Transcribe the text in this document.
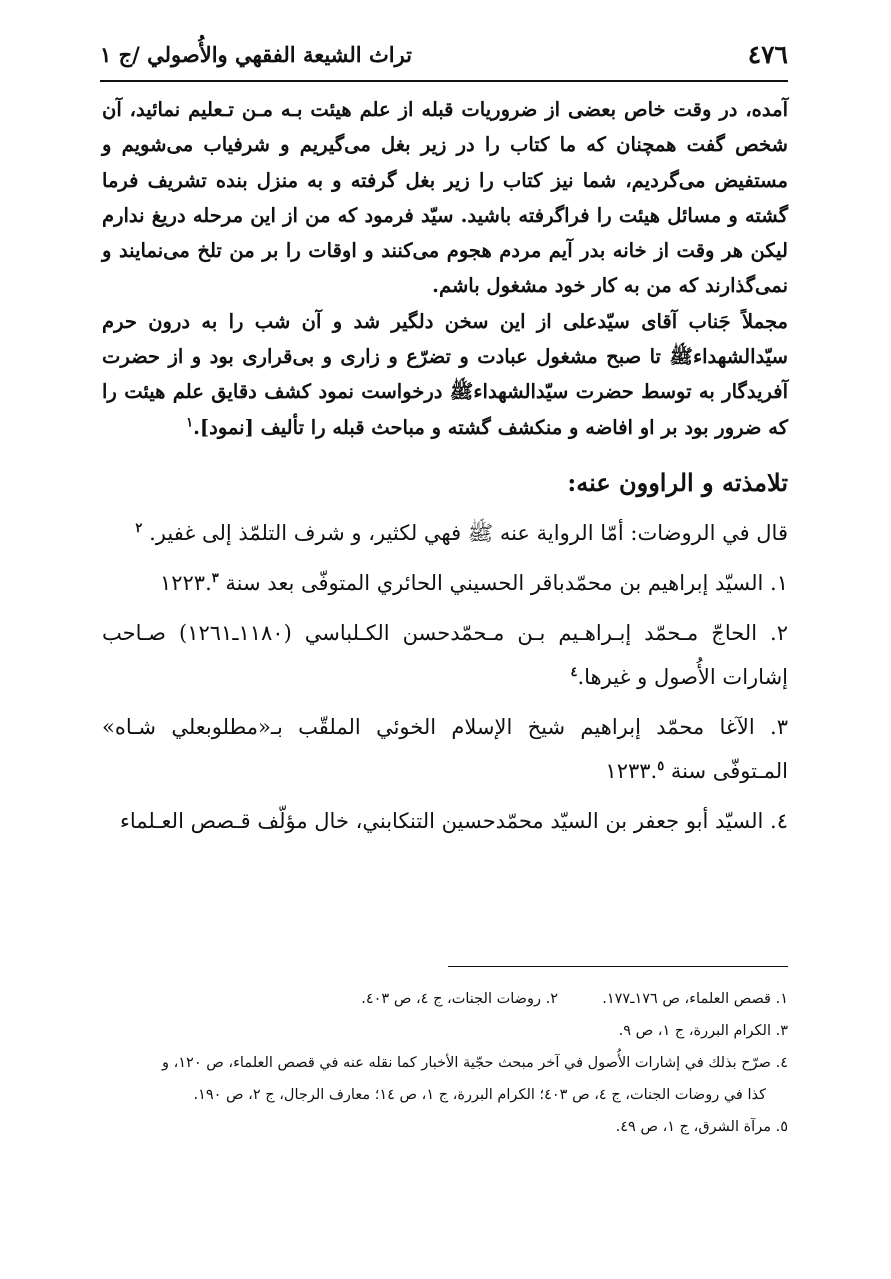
٤٧٦
تراث الشيعة الفقهي والأُصولي /ج ١

آمده، در وقت خاص بعضی از ضروریات قبله از علم هیئت بـه مـن تـعلیم نمائید، آن شخص گفت همچنان که ما کتاب را در زیر بغل می‌گیریم و شرفیاب می‌شویم و مستفیض می‌گردیم، شما نیز کتاب را زیر بغل گرفته و به منزل بنده تشریف فرما گشته و مسائل هیئت را فراگرفته باشید. سیّد فرمود که من از این مرحله دریغ ندارم لیکن هر وقت از خانه بدر آیم مردم هجوم می‌کنند و اوقات را بر من تلخ می‌نمایند و نمی‌گذارند که من به کار خود مشغول باشم.

مجملاً جَناب آقای سیّدعلی از این سخن دلگیر شد و آن شب را به درون حرم سیّدالشهداءﷺ تا صبح مشغول عبادت و تضرّع و زاری و بی‌قراری بود و از حضرت آفریدگار به توسط حضرت سیّدالشهداءﷺ درخواست نمود کشف دقایق علم هیئت را که ضرور بود بر او افاضه و منکشف گشته و مباحث قبله را تألیف [نمود].$^١$

تلامذته و الراوون عنه:

قال في الروضات: أمّا الرواية عنه ﷺ فهي لكثير، و شرف التلمّذ إلى غفير. $^٢$

١. السيّد إبراهيم بن محمّدباقر الحسيني الحائري المتوفّى بعد سنة ١٢٢٣.$^٣$

٢. الحاجّ مـحمّد إبـراهـيم بـن مـحمّدحسن الكـلباسي (١١٨٠ـ١٢٦١) صـاحب إشارات الأُصول و غيرها.$^٤$

٣. الآغا محمّد إبراهيم شيخ الإسلام الخوئي الملقّب بـ«مطلوبعلي شـاه» المـتوفّى سنة ١٢٣٣.$^٥$

٤. السيّد أبو جعفر بن السيّد محمّدحسين التنكابني، خال مؤلّف قـصص العـلماء

١. قصص العلماء، ص ١٧٦ـ١٧٧.
٢. روضات الجنات، ج ٤، ص ٤٠٣.

٣. الكرام البررة، ج ١، ص ٩.

٤. صرّح بذلك في إشارات الأُصول في آخر مبحث حجّية الأخبار كما نقله عنه في قصص العلماء، ص ١٢٠، و

كذا في روضات الجنات، ج ٤، ص ٤٠٣؛ الكرام البررة، ج ١، ص ١٤؛ معارف الرجال، ج ٢، ص ١٩٠.

٥. مرآة الشرق، ج ١، ص ٤٩.
